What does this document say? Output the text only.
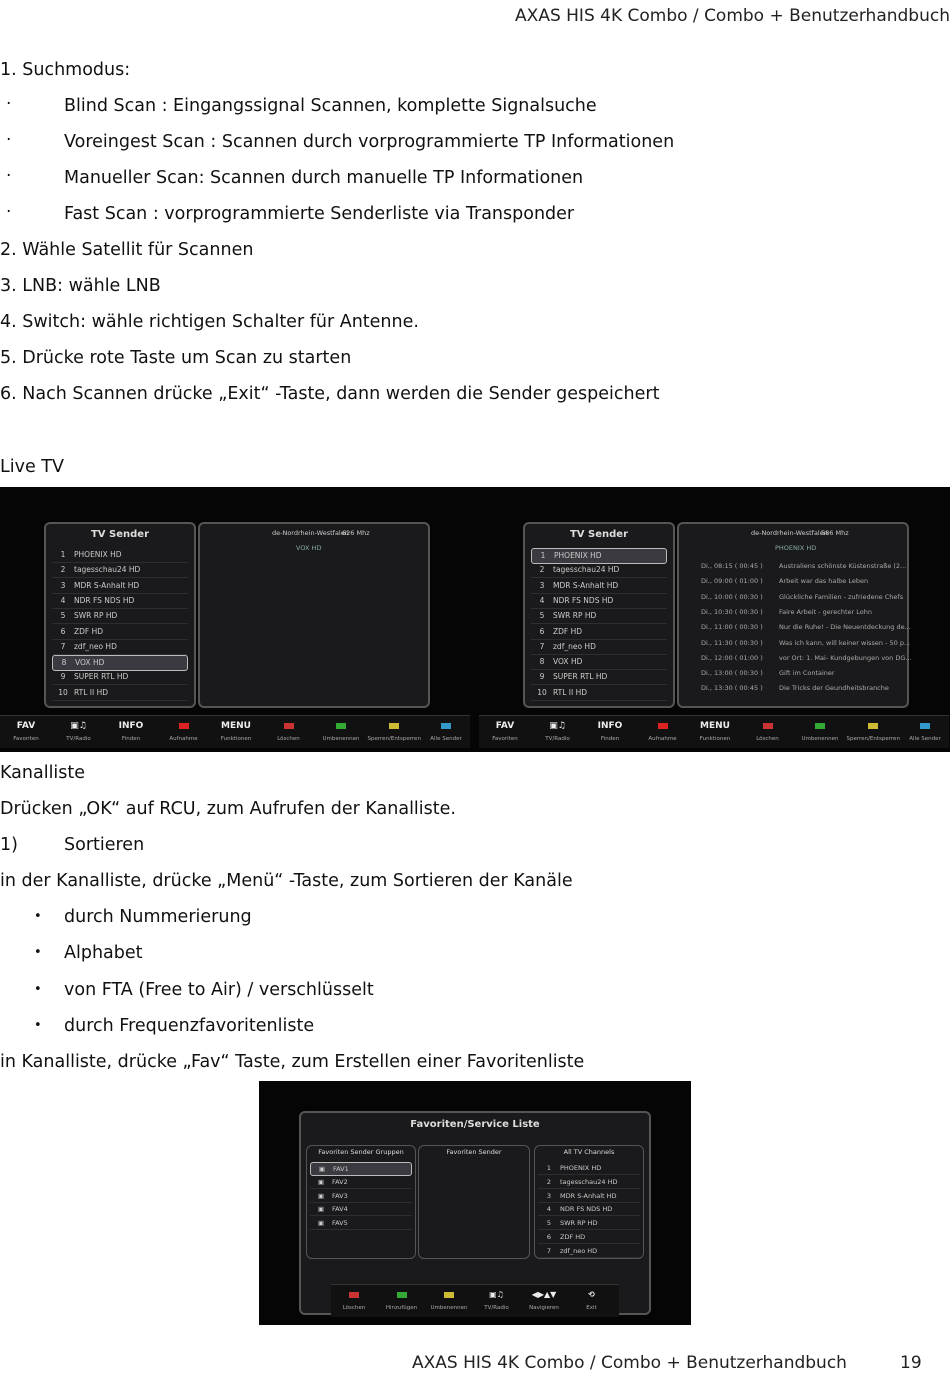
AXAS HIS 4K Combo / Combo + Benutzerhandbuch
1. Suchmodus:
·	Blind Scan : Eingangssignal Scannen, komplette Signalsuche
·	Voreingest Scan : Scannen durch vorprogrammierte TP Informationen
·	Manueller Scan: Scannen durch manuelle TP Informationen
·	Fast Scan : vorprogrammierte Senderliste via Transponder
2. Wähle Satellit für Scannen
3. LNB: wähle LNB
4. Switch: wähle richtigen Schalter für Antenne.
5. Drücke rote Taste um Scan zu starten
6. Nach Scannen drücke „Exit“ -Taste, dann werden die Sender gespeichert
Live TV
TV Sender
1 PHOENIX HD
2 tagesschau24 HD
3 MDR S-Anhalt HD
4 NDR FS NDS HD
5 SWR RP HD
6 ZDF HD
7 zdf_neo HD
8 VOX HD
9 SUPER RTL HD
10 RTL II HD
de-Nordrhein-Westfalen
626 Mhz
VOX HD
FAV
Favoriten
▣♫
TV/Radio
INFO
Finden	Aufnahme
MENU
Funktionen	Löschen	Umbenennen	Sperren/Entsperren	Alle Sender
TV Sender
1 PHOENIX HD
2 tagesschau24 HD
3 MDR S-Anhalt HD
4 NDR FS NDS HD
5 SWR RP HD
6 ZDF HD
7 zdf_neo HD
8 VOX HD
9 SUPER RTL HD
10 RTL II HD
de-Nordrhein-Westfalen
586 Mhz
PHOENIX HD
Di., 08:15 ( 00:45 )	Australiens schönste Küstenstraße (2...
Di., 09:00 ( 01:00 )	Arbeit war das halbe Leben
Di., 10:00 ( 00:30 )	Glückliche Familien - zufriedene Chefs
Di., 10:30 ( 00:30 )	Faire Arbeit - gerechter Lohn
Di., 11:00 ( 00:30 )	Nur die Ruhe! - Die Neuentdeckung de...
Di., 11:30 ( 00:30 )	Was ich kann, will keiner wissen - 50 p...
Di., 12:00 ( 01:00 )	vor Ort: 1. Mai- Kundgebungen von DG...
Di., 13:00 ( 00:30 )	Gift im Container
Di., 13:30 ( 00:45 )	Die Tricks der Geundheitsbranche
FAV
Favoriten
▣♫
TV/Radio
INFO
Finden	Aufnahme
MENU
Funktionen	Löschen	Umbenennen	Sperren/Entsperren	Alle Sender
Kanalliste
Drücken „OK“ auf RCU, zum Aufrufen der Kanalliste.
1)	Sortieren
in der Kanalliste, drücke „Menü“ -Taste, zum Sortieren der Kanäle
• durch Nummerierung
• Alphabet
• von FTA (Free to Air) / verschlüsselt
• durch Frequenzfavoritenliste
in Kanalliste, drücke „Fav“ Taste, zum Erstellen einer Favoritenliste
Favoriten/Service Liste
Favoriten Sender Gruppen
▣ FAV1
▣ FAV2
▣ FAV3
▣ FAV4
▣ FAV5
Favoriten Sender	All TV Channels
1 PHOENIX HD
2 tagesschau24 HD
3 MDR S-Anhalt HD
4 NDR FS NDS HD
5 SWR RP HD
6 ZDF HD
7 zdf_neo HD
Löschen	Hinzufügen	Umbenennen
▣♫
TV/Radio
◀▶▲▼
Navigieren
⟲
Exit
AXAS HIS 4K Combo / Combo + Benutzerhandbuch	19
